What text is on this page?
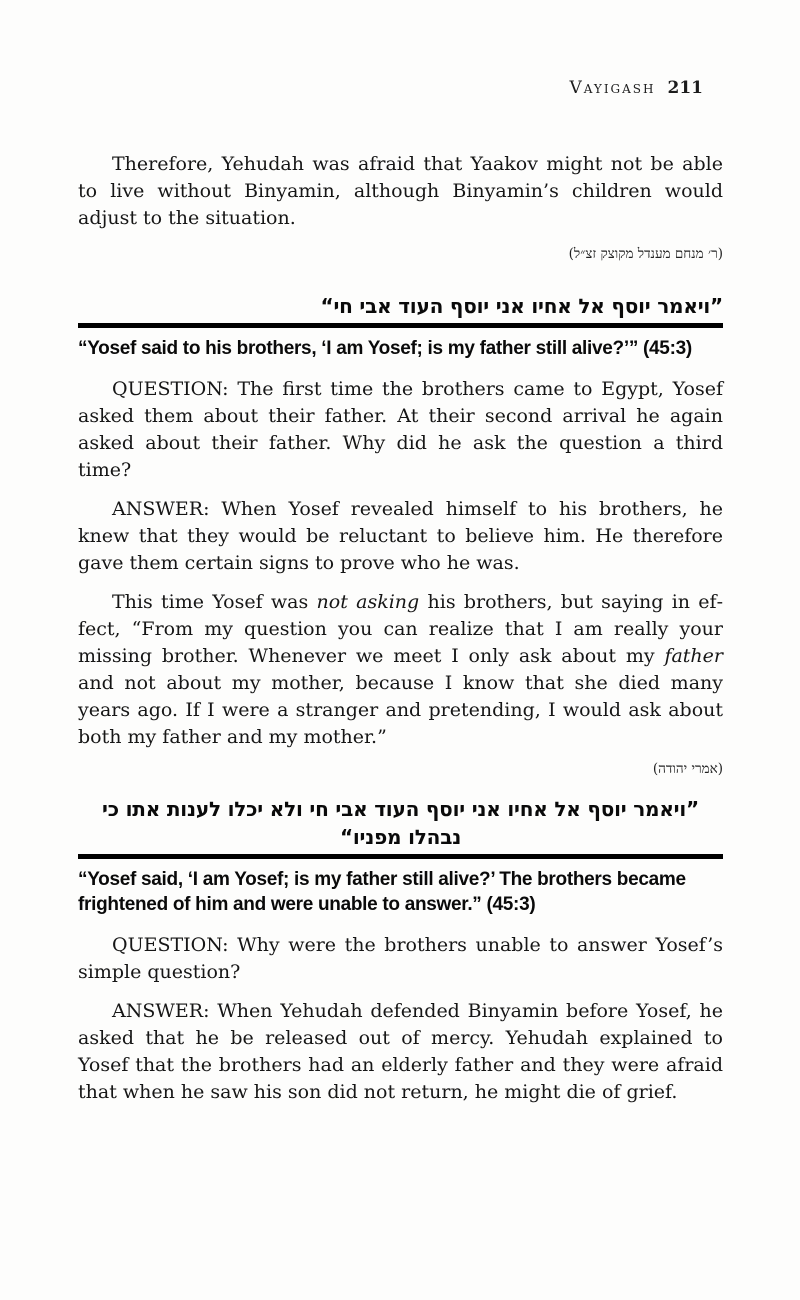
Vayigash 211

Therefore, Yehudah was afraid that Yaakov might not be able to live without Binyamin, although Binyamin’s children would adjust to the situation.

(ר׳ מנחם מענדל מקוצק זצ״ל)
”ויאמר יוסף אל אחיו אני יוסף העוד אבי חי“

“Yosef said to his brothers, ‘I am Yosef; is my father still alive?’” (45:3)

QUESTION: The first time the brothers came to Egypt, Yosef asked them about their father. At their second arrival he again asked about their father. Why did he ask the question a third time?

ANSWER: When Yosef revealed himself to his brothers, he knew that they would be reluctant to believe him. He therefore gave them certain signs to prove who he was.

This time Yosef was not asking his brothers, but saying in effect, “From my question you can realize that I am really your missing brother. Whenever we meet I only ask about my father and not about my mother, because I know that she died many years ago. If I were a stranger and pretending, I would ask about both my father and my mother.”

(אמרי יהודה)
”ויאמר יוסף אל אחיו אני יוסף העוד אבי חי ולא יכלו לענות אתו כי נבהלו מפניו“

“Yosef said, ‘I am Yosef; is my father still alive?’ The brothers became frightened of him and were unable to answer.” (45:3)

QUESTION: Why were the brothers unable to answer Yosef’s simple question?

ANSWER: When Yehudah defended Binyamin before Yosef, he asked that he be released out of mercy. Yehudah explained to Yosef that the brothers had an elderly father and they were afraid that when he saw his son did not return, he might die of grief.
